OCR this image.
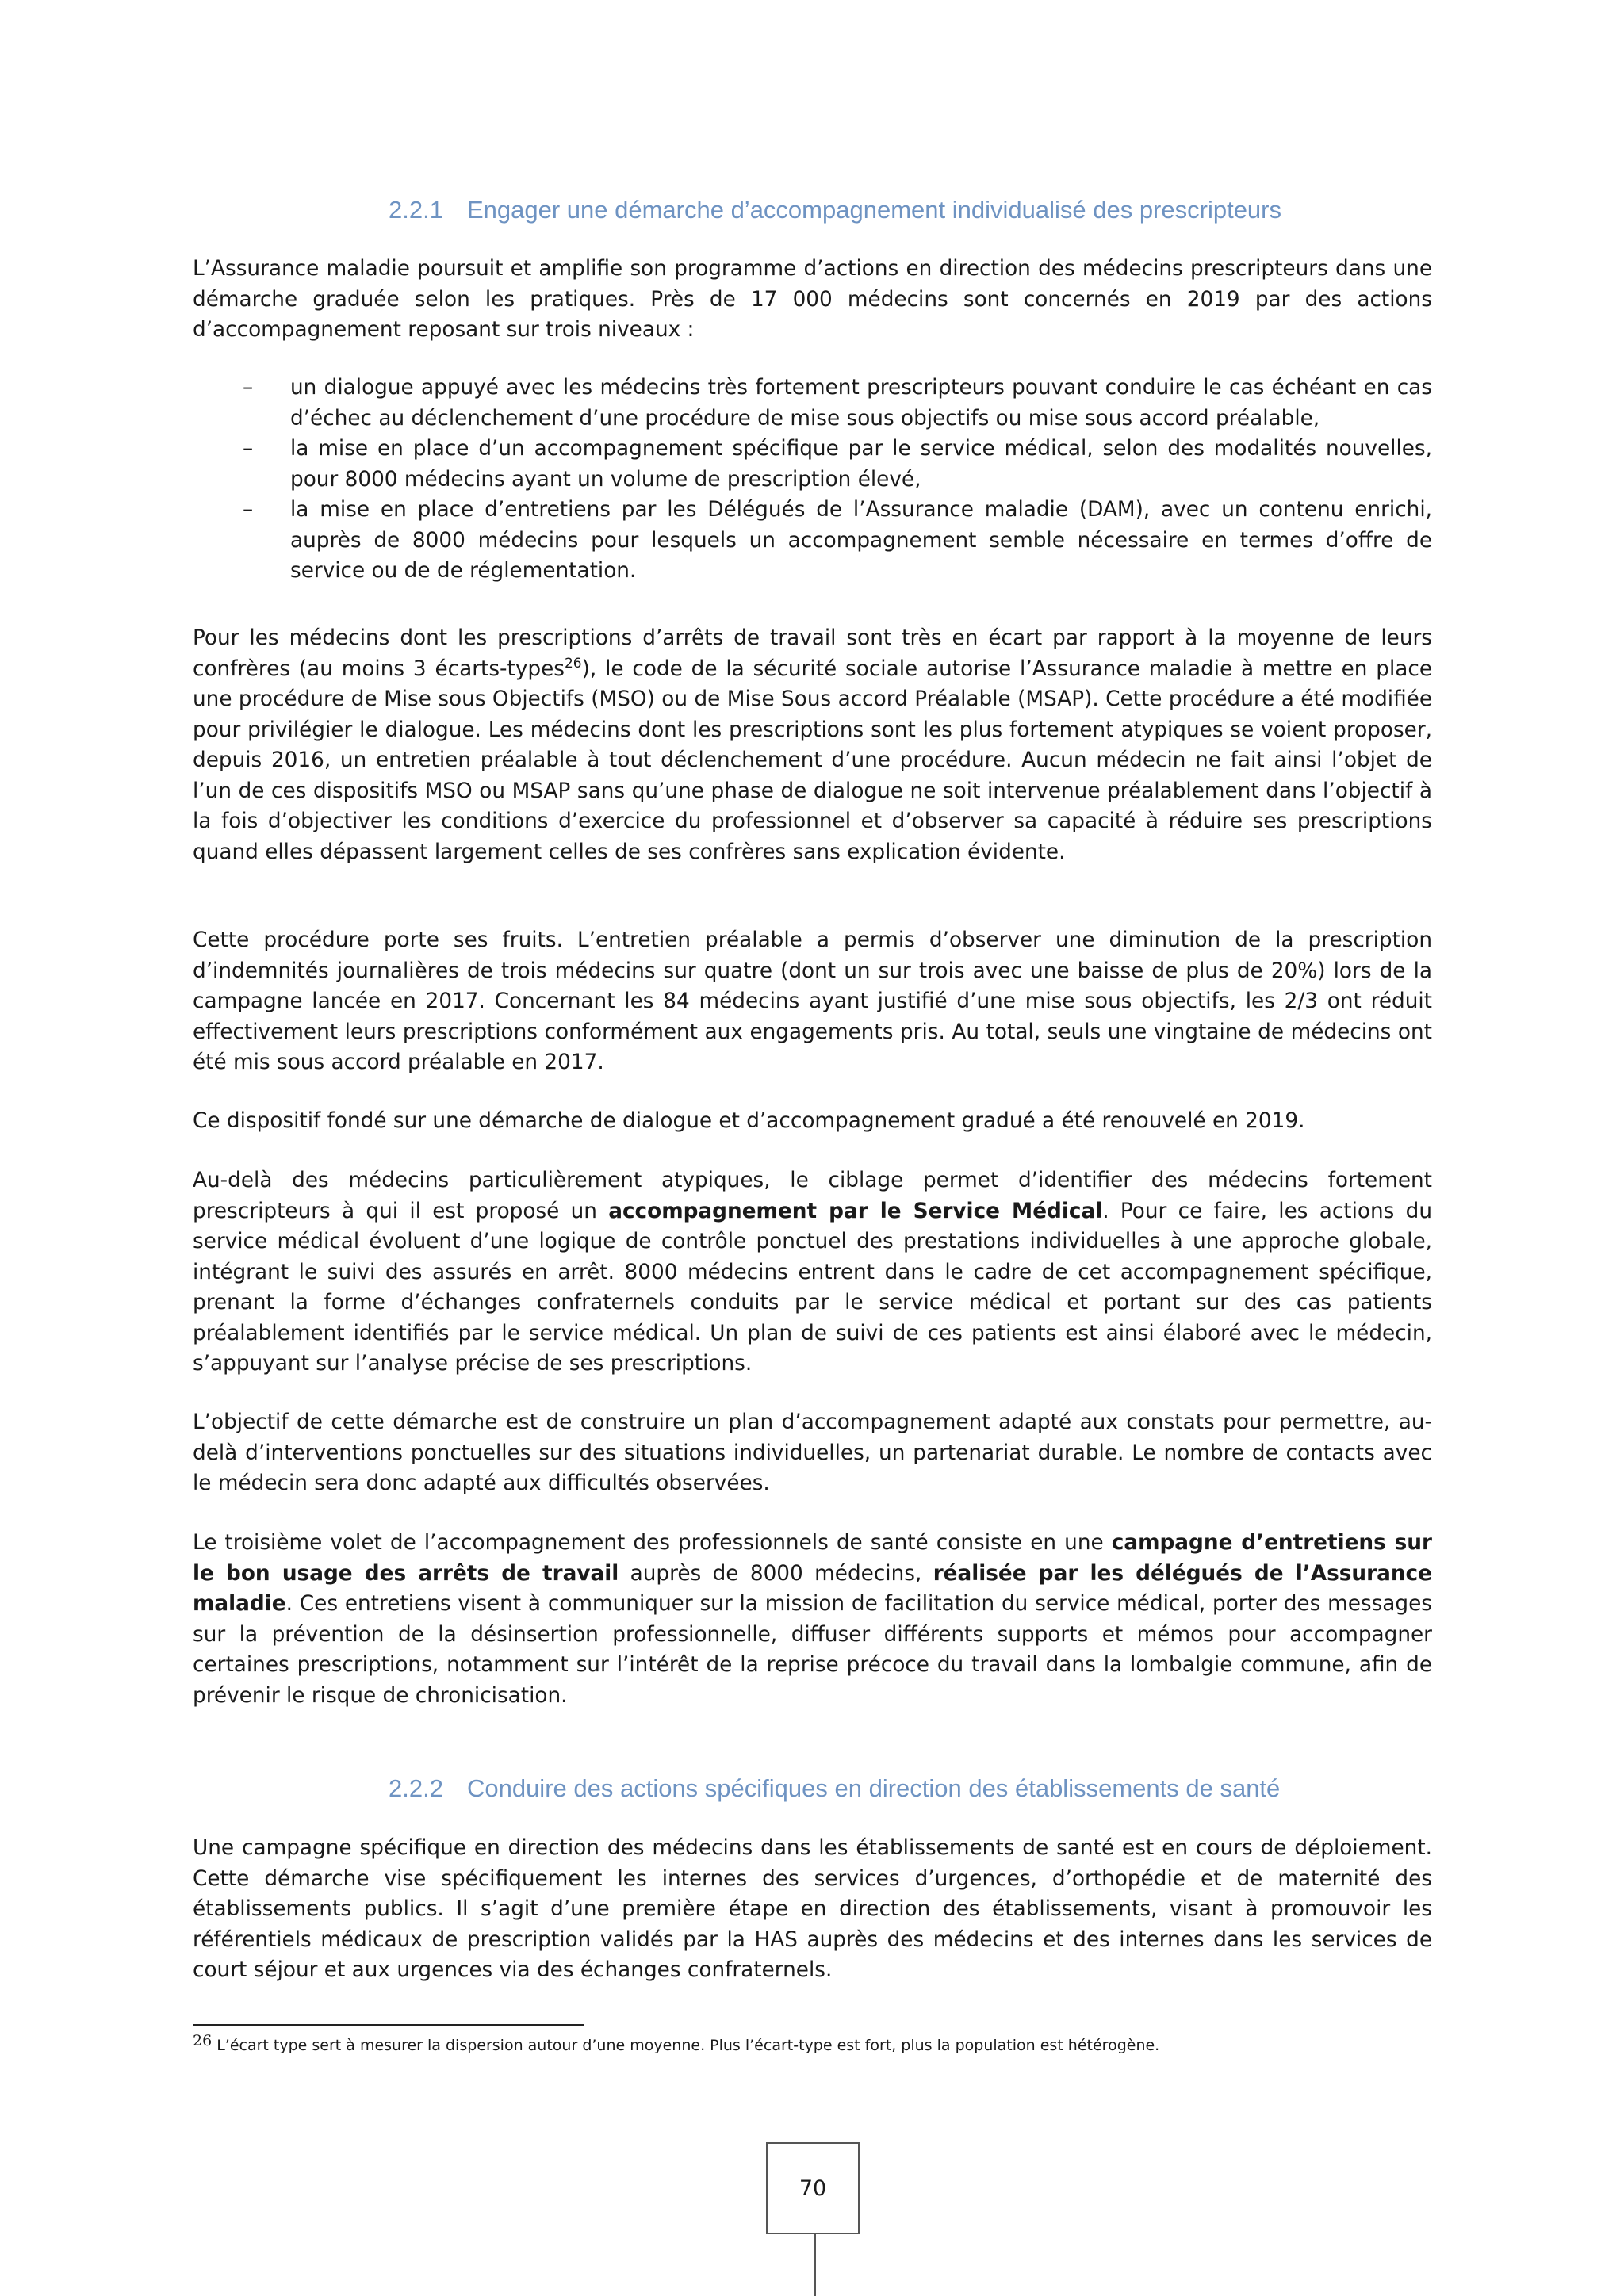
2.2.1 Engager une démarche d’accompagnement individualisé des prescripteurs

L’Assurance maladie poursuit et amplifie son programme d’actions en direction des médecins prescripteurs dans une démarche graduée selon les pratiques. Près de 17 000 médecins sont concernés en 2019 par des actions d’accompagnement reposant sur trois niveaux :

– un dialogue appuyé avec les médecins très fortement prescripteurs pouvant conduire le cas échéant en cas d’échec au déclenchement d’une procédure de mise sous objectifs ou mise sous accord préalable,
– la mise en place d’un accompagnement spécifique par le service médical, selon des modalités nouvelles, pour 8000 médecins ayant un volume de prescription élevé,
– la mise en place d’entretiens par les Délégués de l’Assurance maladie (DAM), avec un contenu enrichi, auprès de 8000 médecins pour lesquels un accompagnement semble nécessaire en termes d’offre de service ou de de réglementation.

Pour les médecins dont les prescriptions d’arrêts de travail sont très en écart par rapport à la moyenne de leurs confrères (au moins 3 écarts-types$^{26}$), le code de la sécurité sociale autorise l’Assurance maladie à mettre en place une procédure de Mise sous Objectifs (MSO) ou de Mise Sous accord Préalable (MSAP). Cette procédure a été modifiée pour privilégier le dialogue. Les médecins dont les prescriptions sont les plus fortement atypiques se voient proposer, depuis 2016, un entretien préalable à tout déclenchement d’une procédure. Aucun médecin ne fait ainsi l’objet de l’un de ces dispositifs MSO ou MSAP sans qu’une phase de dialogue ne soit intervenue préalablement dans l’objectif à la fois d’objectiver les conditions d’exercice du professionnel et d’observer sa capacité à réduire ses prescriptions quand elles dépassent largement celles de ses confrères sans explication évidente.

Cette procédure porte ses fruits. L’entretien préalable a permis d’observer une diminution de la prescription d’indemnités journalières de trois médecins sur quatre (dont un sur trois avec une baisse de plus de 20%) lors de la campagne lancée en 2017. Concernant les 84 médecins ayant justifié d’une mise sous objectifs, les 2/3 ont réduit effectivement leurs prescriptions conformément aux engagements pris. Au total, seuls une vingtaine de médecins ont été mis sous accord préalable en 2017.

Ce dispositif fondé sur une démarche de dialogue et d’accompagnement gradué a été renouvelé en 2019.

Au-delà des médecins particulièrement atypiques, le ciblage permet d’identifier des médecins fortement prescripteurs à qui il est proposé un accompagnement par le Service Médical. Pour ce faire, les actions du service médical évoluent d’une logique de contrôle ponctuel des prestations individuelles à une approche globale, intégrant le suivi des assurés en arrêt. 8000 médecins entrent dans le cadre de cet accompagnement spécifique, prenant la forme d’échanges confraternels conduits par le service médical et portant sur des cas patients préalablement identifiés par le service médical. Un plan de suivi de ces patients est ainsi élaboré avec le médecin, s’appuyant sur l’analyse précise de ses prescriptions.

L’objectif de cette démarche est de construire un plan d’accompagnement adapté aux constats pour permettre, au-delà d’interventions ponctuelles sur des situations individuelles, un partenariat durable. Le nombre de contacts avec le médecin sera donc adapté aux difficultés observées.

Le troisième volet de l’accompagnement des professionnels de santé consiste en une campagne d’entretiens sur le bon usage des arrêts de travail auprès de 8000 médecins, réalisée par les délégués de l’Assurance maladie. Ces entretiens visent à communiquer sur la mission de facilitation du service médical, porter des messages sur la prévention de la désinsertion professionnelle, diffuser différents supports et mémos pour accompagner certaines prescriptions, notamment sur l’intérêt de la reprise précoce du travail dans la lombalgie commune, afin de prévenir le risque de chronicisation.

2.2.2 Conduire des actions spécifiques en direction des établissements de santé

Une campagne spécifique en direction des médecins dans les établissements de santé est en cours de déploiement. Cette démarche vise spécifiquement les internes des services d’urgences, d’orthopédie et de maternité des établissements publics. Il s’agit d’une première étape en direction des établissements, visant à promouvoir les référentiels médicaux de prescription validés par la HAS auprès des médecins et des internes dans les services de court séjour et aux urgences via des échanges confraternels.

26 L’écart type sert à mesurer la dispersion autour d’une moyenne. Plus l’écart-type est fort, plus la population est hétérogène.
70
